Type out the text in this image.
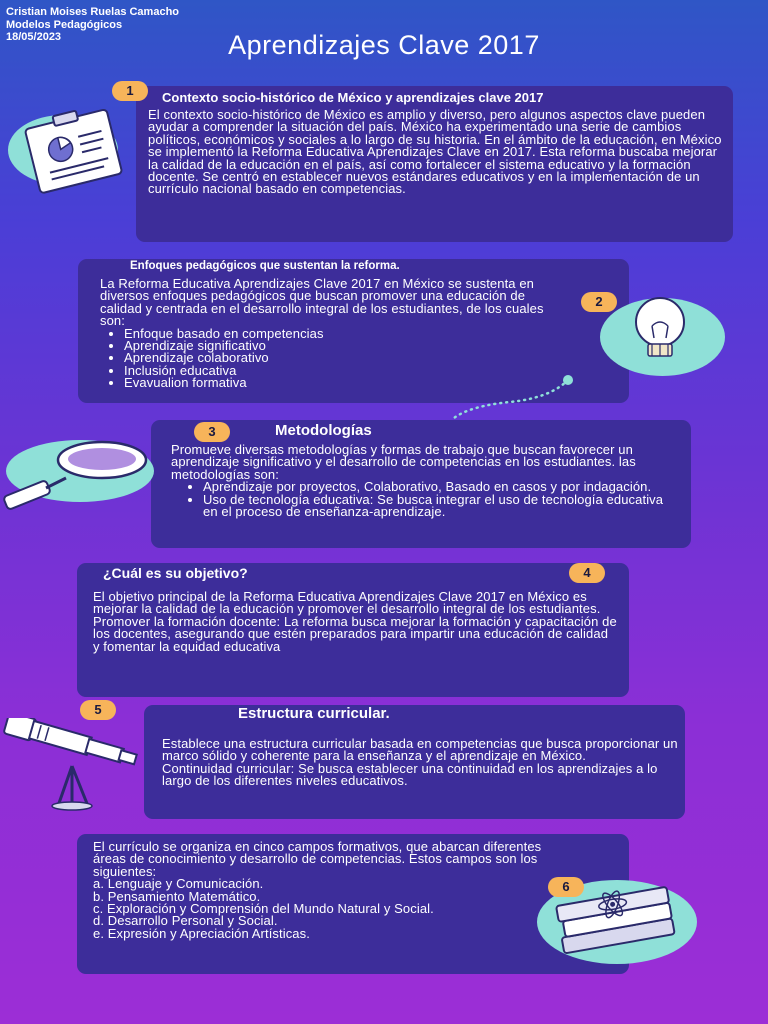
Cristian Moises Ruelas Camacho
Modelos Pedagógicos
18/05/2023	Aprendizajes Clave 2017
Contexto socio-histórico de México y aprendizajes clave 2017
El contexto socio-histórico de México es amplio y diverso, pero algunos aspectos clave pueden ayudar a comprender la situación del país. México ha experimentado una serie de cambios políticos, económicos y sociales a lo largo de su historia. En el ámbito de la educación, en México se implementó la Reforma Educativa Aprendizajes Clave en 2017. Esta reforma buscaba mejorar la calidad de la educación en el país, así como fortalecer el sistema educativo y la formación docente. Se centró en establecer nuevos estándares educativos y en la implementación de un currículo nacional basado en competencias.
1
Enfoques pedagógicos que sustentan la reforma.

La Reforma Educativa Aprendizajes Clave 2017 en México se sustenta en diversos enfoques pedagógicos que buscan promover una educación de calidad y centrada en el desarrollo integral de los estudiantes, de los cuales son:

• Enfoque basado en competencias
• Aprendizaje significativo
• Aprendizaje colaborativo
• Inclusión educativa
• Evavualion formativa
2
Metodologías

Promueve diversas metodologías y formas de trabajo que buscan favorecer un aprendizaje significativo y el desarrollo de competencias en los estudiantes. las metodologías son:

• Aprendizaje por proyectos, Colaborativo, Basado en casos y por indagación.
• Uso de tecnología educativa: Se busca integrar el uso de tecnología educativa en el proceso de enseñanza-aprendizaje.
3
¿Cuál es su objetivo?

El objetivo principal de la Reforma Educativa Aprendizajes Clave 2017 en México es mejorar la calidad de la educación y promover el desarrollo integral de los estudiantes.

Promover la formación docente: La reforma busca mejorar la formación y capacitación de los docentes, asegurando que estén preparados para impartir una educación de calidad y fomentar la equidad educativa

4
Estructura curricular.

Establece una estructura curricular basada en competencias que busca proporcionar un marco sólido y coherente para la enseñanza y el aprendizaje en México.

Continuidad curricular: Se busca establecer una continuidad en los aprendizajes a lo largo de los diferentes niveles educativos.

5

El currículo se organiza en cinco campos formativos, que abarcan diferentes áreas de conocimiento y desarrollo de competencias. Estos campos son los siguientes:

a. Lenguaje y Comunicación.

b. Pensamiento Matemático.

c. Exploración y Comprensión del Mundo Natural y Social.

d. Desarrollo Personal y Social.

e. Expresión y Apreciación Artísticas.

6
